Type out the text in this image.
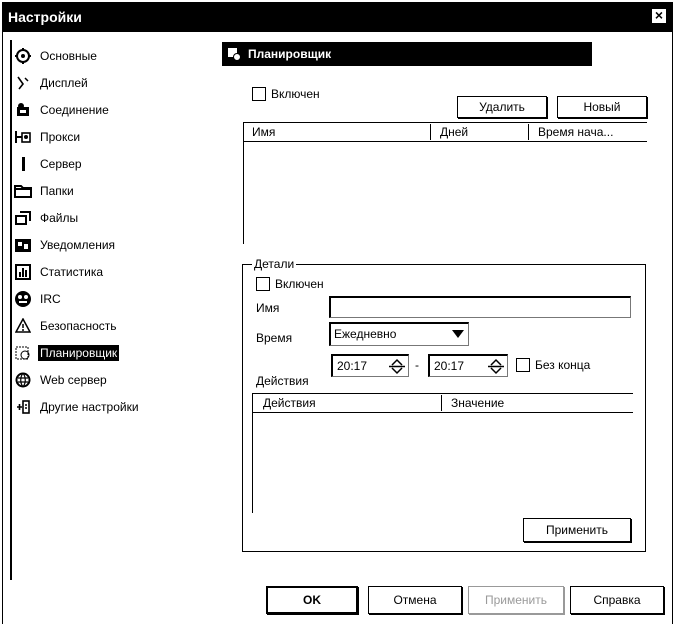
Настройки	×
Основные
Дисплей
Соединение
Прокси
Сервер
Папки
Файлы
Уведомления
Статистика
IRC
Безопасность
Планировщик
Web сервер
Другие настройки
Планировщик
Включен
Удалить	Новый
Имя	Дней	Время нача...
Детали
Включен
Имя
Время	Ежедневно
20:17	- 20:17	Без конца
Действия
Действия	Значение
Применить
OK	Отмена	Применить	Справка
